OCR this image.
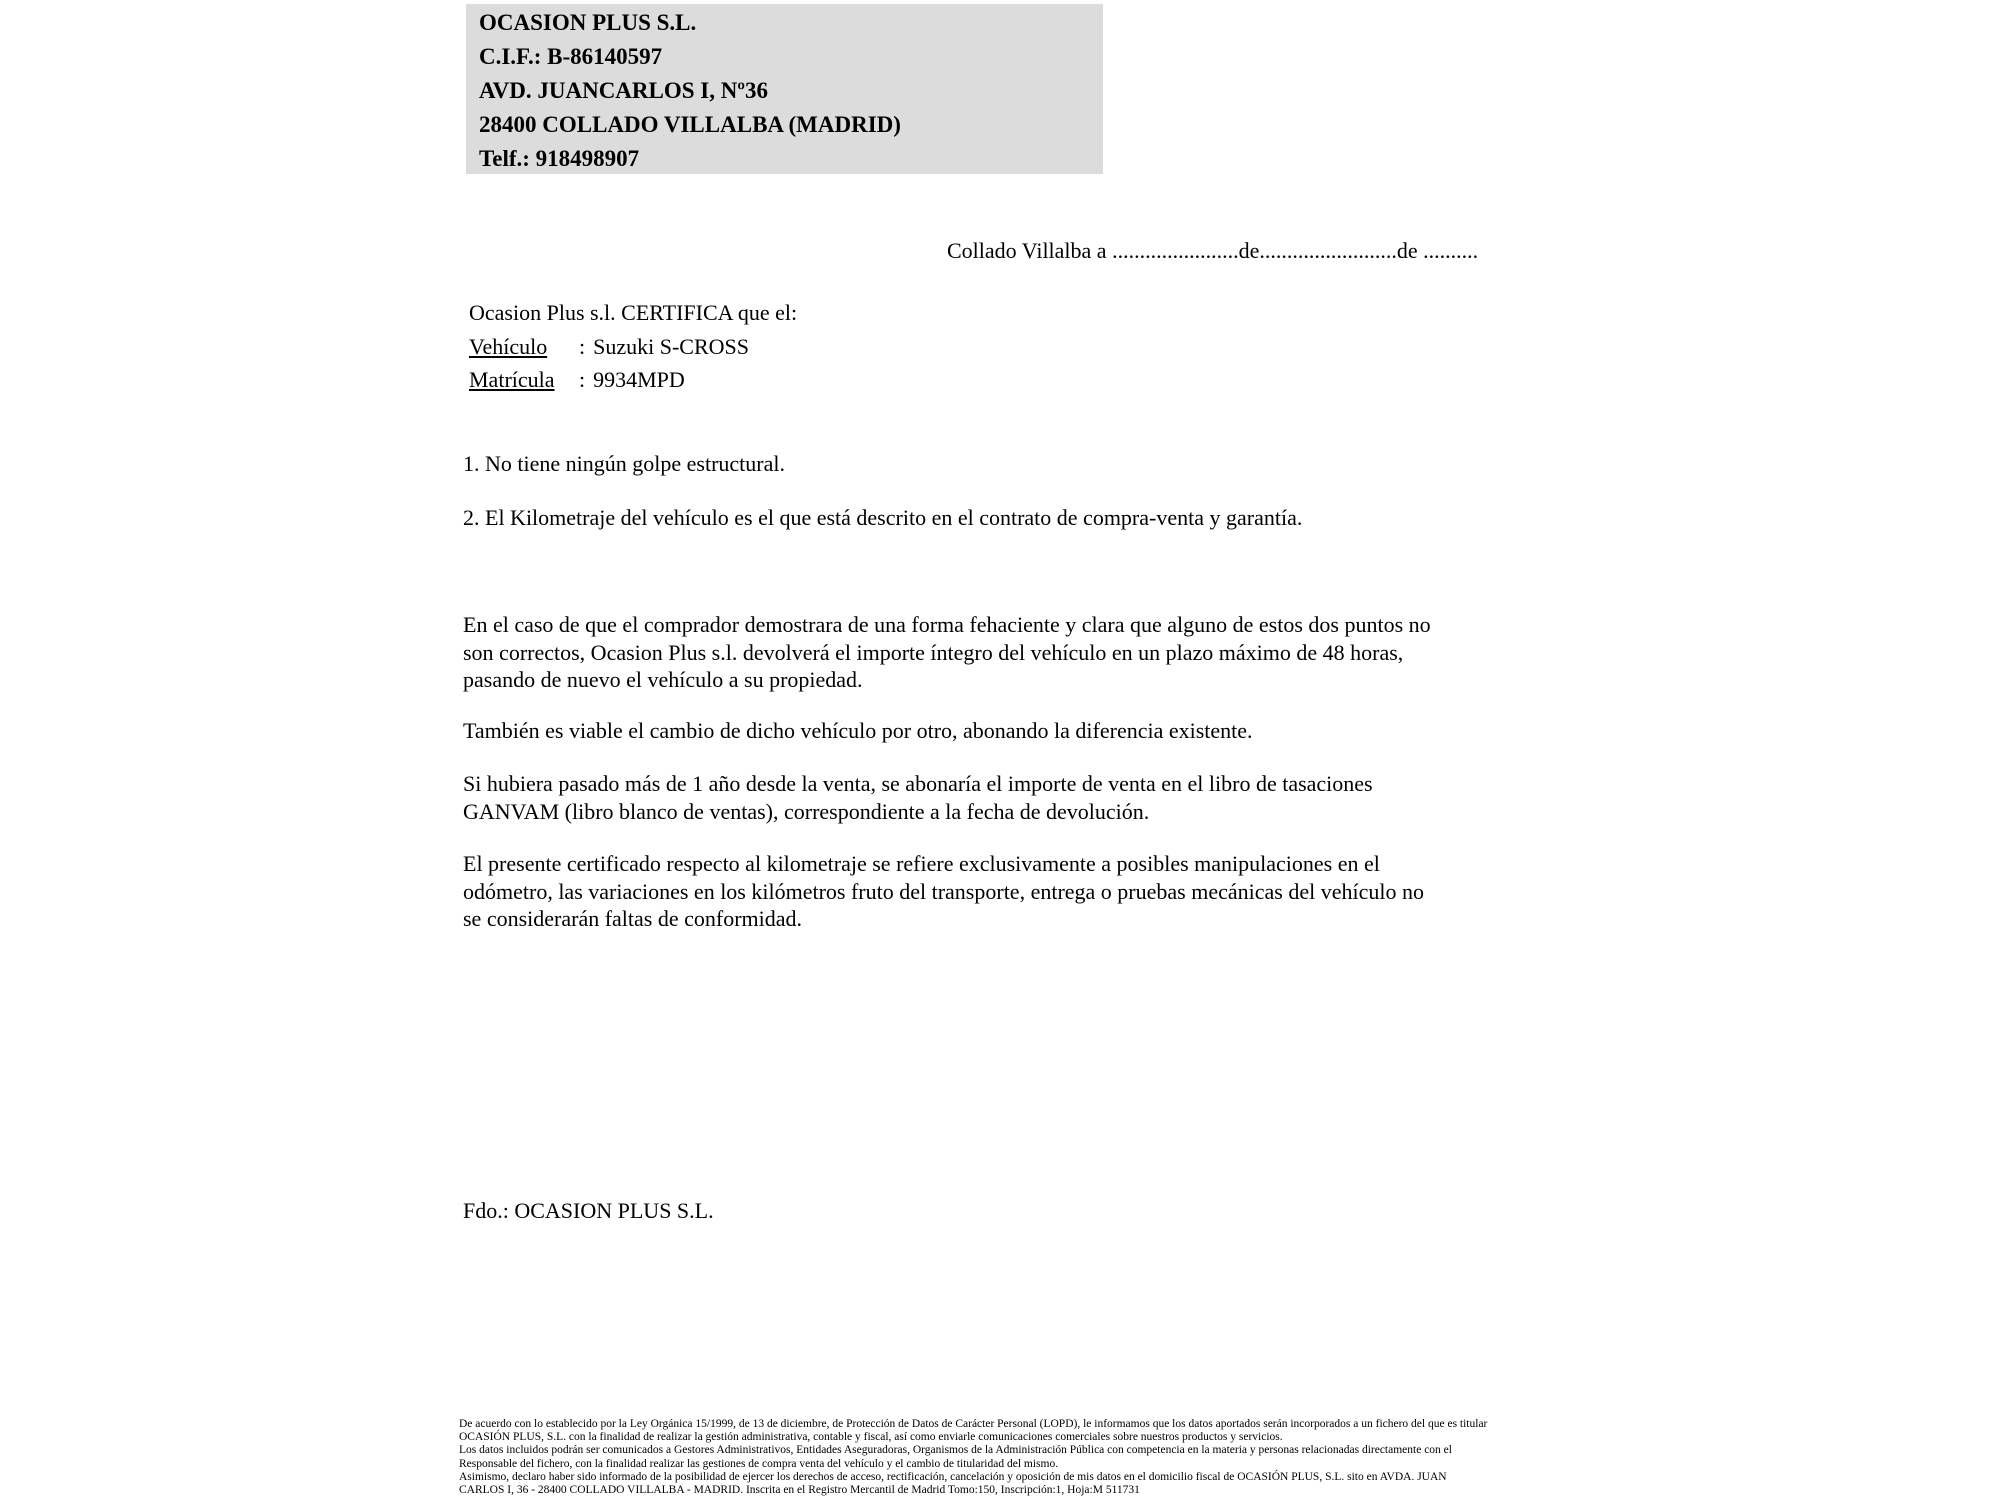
OCASION PLUS S.L.
C.I.F.: B-86140597
AVD. JUANCARLOS I, Nº36
28400 COLLADO VILLALBA (MADRID)
Telf.: 918498907
Collado Villalba a .......................de.........................de ..........
Ocasion Plus s.l. CERTIFICA que el:
Vehículo : Suzuki S-CROSS
Matrícula : 9934MPD
1. No tiene ningún golpe estructural.
2. El Kilometraje del vehículo es el que está descrito en el contrato de compra-venta y garantía.
En el caso de que el comprador demostrara de una forma fehaciente y clara que alguno de estos dos puntos no
son correctos, Ocasion Plus s.l. devolverá el importe íntegro del vehículo en un plazo máximo de 48 horas,
pasando de nuevo el vehículo a su propiedad.
También es viable el cambio de dicho vehículo por otro, abonando la diferencia existente.
Si hubiera pasado más de 1 año desde la venta, se abonaría el importe de venta en el libro de tasaciones
GANVAM (libro blanco de ventas), correspondiente a la fecha de devolución.
El presente certificado respecto al kilometraje se refiere exclusivamente a posibles manipulaciones en el
odómetro, las variaciones en los kilómetros fruto del transporte, entrega o pruebas mecánicas del vehículo no
se considerarán faltas de conformidad.
Fdo.: OCASION PLUS S.L.
De acuerdo con lo establecido por la Ley Orgánica 15/1999, de 13 de diciembre, de Protección de Datos de Carácter Personal (LOPD), le informamos que los datos aportados serán incorporados a un fichero del que es titular
OCASIÓN PLUS, S.L. con la finalidad de realizar la gestión administrativa, contable y fiscal, así como enviarle comunicaciones comerciales sobre nuestros productos y servicios.
Los datos incluidos podrán ser comunicados a Gestores Administrativos, Entidades Aseguradoras, Organismos de la Administración Pública con competencia en la materia y personas relacionadas directamente con el
Responsable del fichero, con la finalidad realizar las gestiones de compra venta del vehículo y el cambio de titularidad del mismo.
Asimismo, declaro haber sido informado de la posibilidad de ejercer los derechos de acceso, rectificación, cancelación y oposición de mis datos en el domicilio fiscal de OCASIÓN PLUS, S.L. sito en AVDA. JUAN
CARLOS I, 36 - 28400 COLLADO VILLALBA - MADRID. Inscrita en el Registro Mercantil de Madrid Tomo:150, Inscripción:1, Hoja:M 511731
